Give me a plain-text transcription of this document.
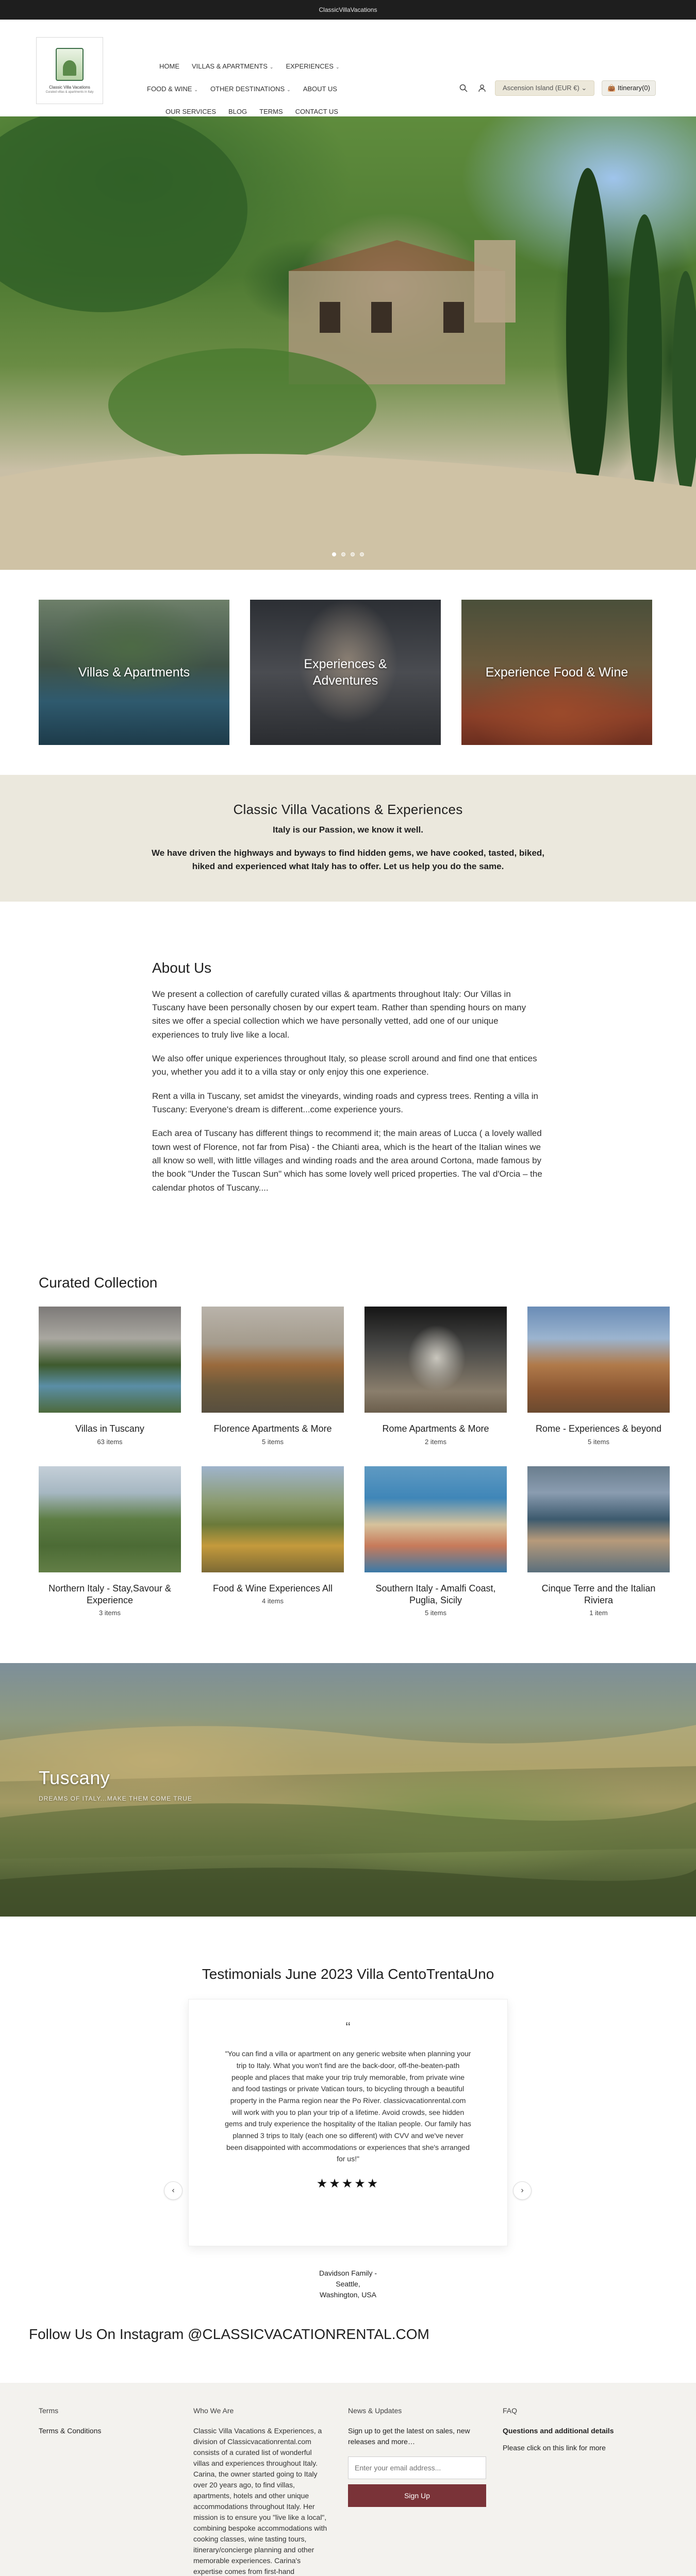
ClassicVillaVacations
Classic Villa Vacations
Curated villas & apartments in Italy
HOME VILLAS & APARTMENTS ⌄ EXPERIENCES ⌄
FOOD & WINE ⌄ OTHER DESTINATIONS ⌄ ABOUT US
OUR SERVICES BLOG TERMS CONTACT US
Ascension Island (EUR €) ⌄	👜 Itinerary(0)
Villas & Apartments
Experiences & Adventures
Experience Food & Wine
Classic Villa Vacations & Experiences

Italy is our Passion, we know it well.

We have driven the highways and byways to find hidden gems, we have cooked, tasted, biked, hiked and experienced what Italy has to offer. Let us help you do the same.

About Us

We present a collection of carefully curated villas & apartments throughout Italy: Our Villas in Tuscany have been personally chosen by our expert team. Rather than spending hours on many sites we offer a special collection which we have personally vetted, add one of our unique experiences to truly live like a local.

We also offer unique experiences throughout Italy, so please scroll around and find one that entices you, whether you add it to a villa stay or only enjoy this one experience.

Rent a villa in Tuscany, set amidst the vineyards, winding roads and cypress trees. Renting a villa in Tuscany: Everyone's dream is different...come experience yours.

Each area of Tuscany has different things to recommend it; the main areas of Lucca ( a lovely walled town west of Florence, not far from Pisa) - the Chianti area, which is the heart of the Italian wines we all know so well, with little villages and winding roads and the area around Cortona, made famous by the book "Under the Tuscan Sun" which has some lovely well priced properties. The val d'Orcia – the calendar photos of Tuscany....

Curated Collection
Villas in Tuscany
63 items
Florence Apartments & More
5 items
Rome Apartments & More
2 items
Rome - Experiences & beyond
5 items
Northern Italy - Stay,Savour & Experience
3 items
Food & Wine Experiences All
4 items
Southern Italy - Amalfi Coast, Puglia, Sicily
5 items
Cinque Terre and the Italian Riviera
1 item
Tuscany
DREAMS OF ITALY...MAKE THEM COME TRUE
Testimonials June 2023 Villa CentoTrentaUno
‹	›
“

"You can find a villa or apartment on any generic website when planning your trip to Italy. What you won't find are the back-door, off-the-beaten-path people and places that make your trip truly memorable, from private wine and food tastings or private Vatican tours, to bicycling through a beautiful property in the Parma region near the Po River. classicvacationrental.com will work with you to plan your trip of a lifetime. Avoid crowds, see hidden gems and truly experience the hospitality of the Italian people. Our family has planned 3 trips to Italy (each one so different) with CVV and we've never been disappointed with accommodations or experiences that she's arranged for us!"

★★★★★
Davidson Family - Seattle, Washington, USA
Follow Us On Instagram @CLASSICVACATIONRENTAL.COM
Terms
Terms & Conditions
Who We Are

Classic Villa Vacations & Experiences, a division of Classicvacationrental.com consists of a curated list of wonderful villas and experiences throughout Italy. Carina, the owner started going to Italy over 20 years ago, to find villas, apartments, hotels and other unique accommodations throughout Italy. Her mission is to ensure you "live like a local", combining bespoke accommodations with cooking classes, wine tasting tours, itinerary/concierge planning and other memorable experiences. Carina's expertise comes from first-hand

News & Updates

Sign up to get the latest on sales, new releases and more…

Enter your email address...
Sign Up
FAQ

Questions and additional details

Please click on this link for more
